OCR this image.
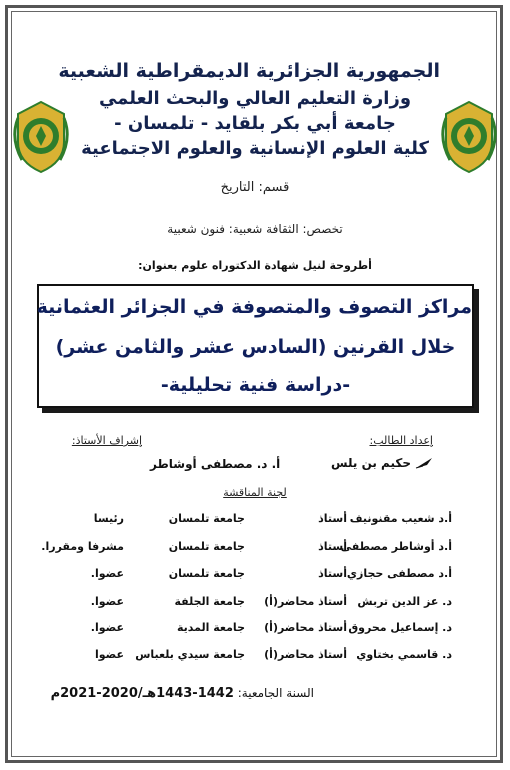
الجمهورية الجزائرية الديمقراطية الشعبية
وزارة التعليم العالي والبحث العلمي
جامعة أبي بكر بلقايد - تلمسان -
كلية العلوم الإنسانية والعلوم الاجتماعية
قسم: التاريخ
تخصص: الثقافة شعبية: فنون شعبية
أطروحة لنيل شهادة الدكتوراه علوم بعنوان:
مراكز التصوف والمتصوفة في الجزائر العثمانية
خلال القرنين (السادس عشر والثامن عشر)
-دراسة فنية تحليلية-
إعداد الطالب:
إشراف الأستاذ:
حكيم بن يلس
أ. د. مصطفى أوشاطر
لجنة المناقشة
أ.د شعيب مقنونيف
أستاذ
جامعة تلمسان
رئيسا
أ.د أوشاطر مصطفى
أستاذ
جامعة تلمسان
مشرفا ومقررا.
أ.د مصطفى حجازي
أستاذ
جامعة تلمسان
عضوا.
د. عز الدين تربش
أستاذ محاضر(أ)
جامعة الجلفة
عضوا.
د. إسماعيل محروق
أستاذ محاضر(أ)
جامعة المدية
عضوا.
د. قاسمي بختاوي
أستاذ محاضر(أ)
جامعة سيدي بلعباس
عضوا
السنة الجامعية: 1442-1443هـ/2020-2021م
